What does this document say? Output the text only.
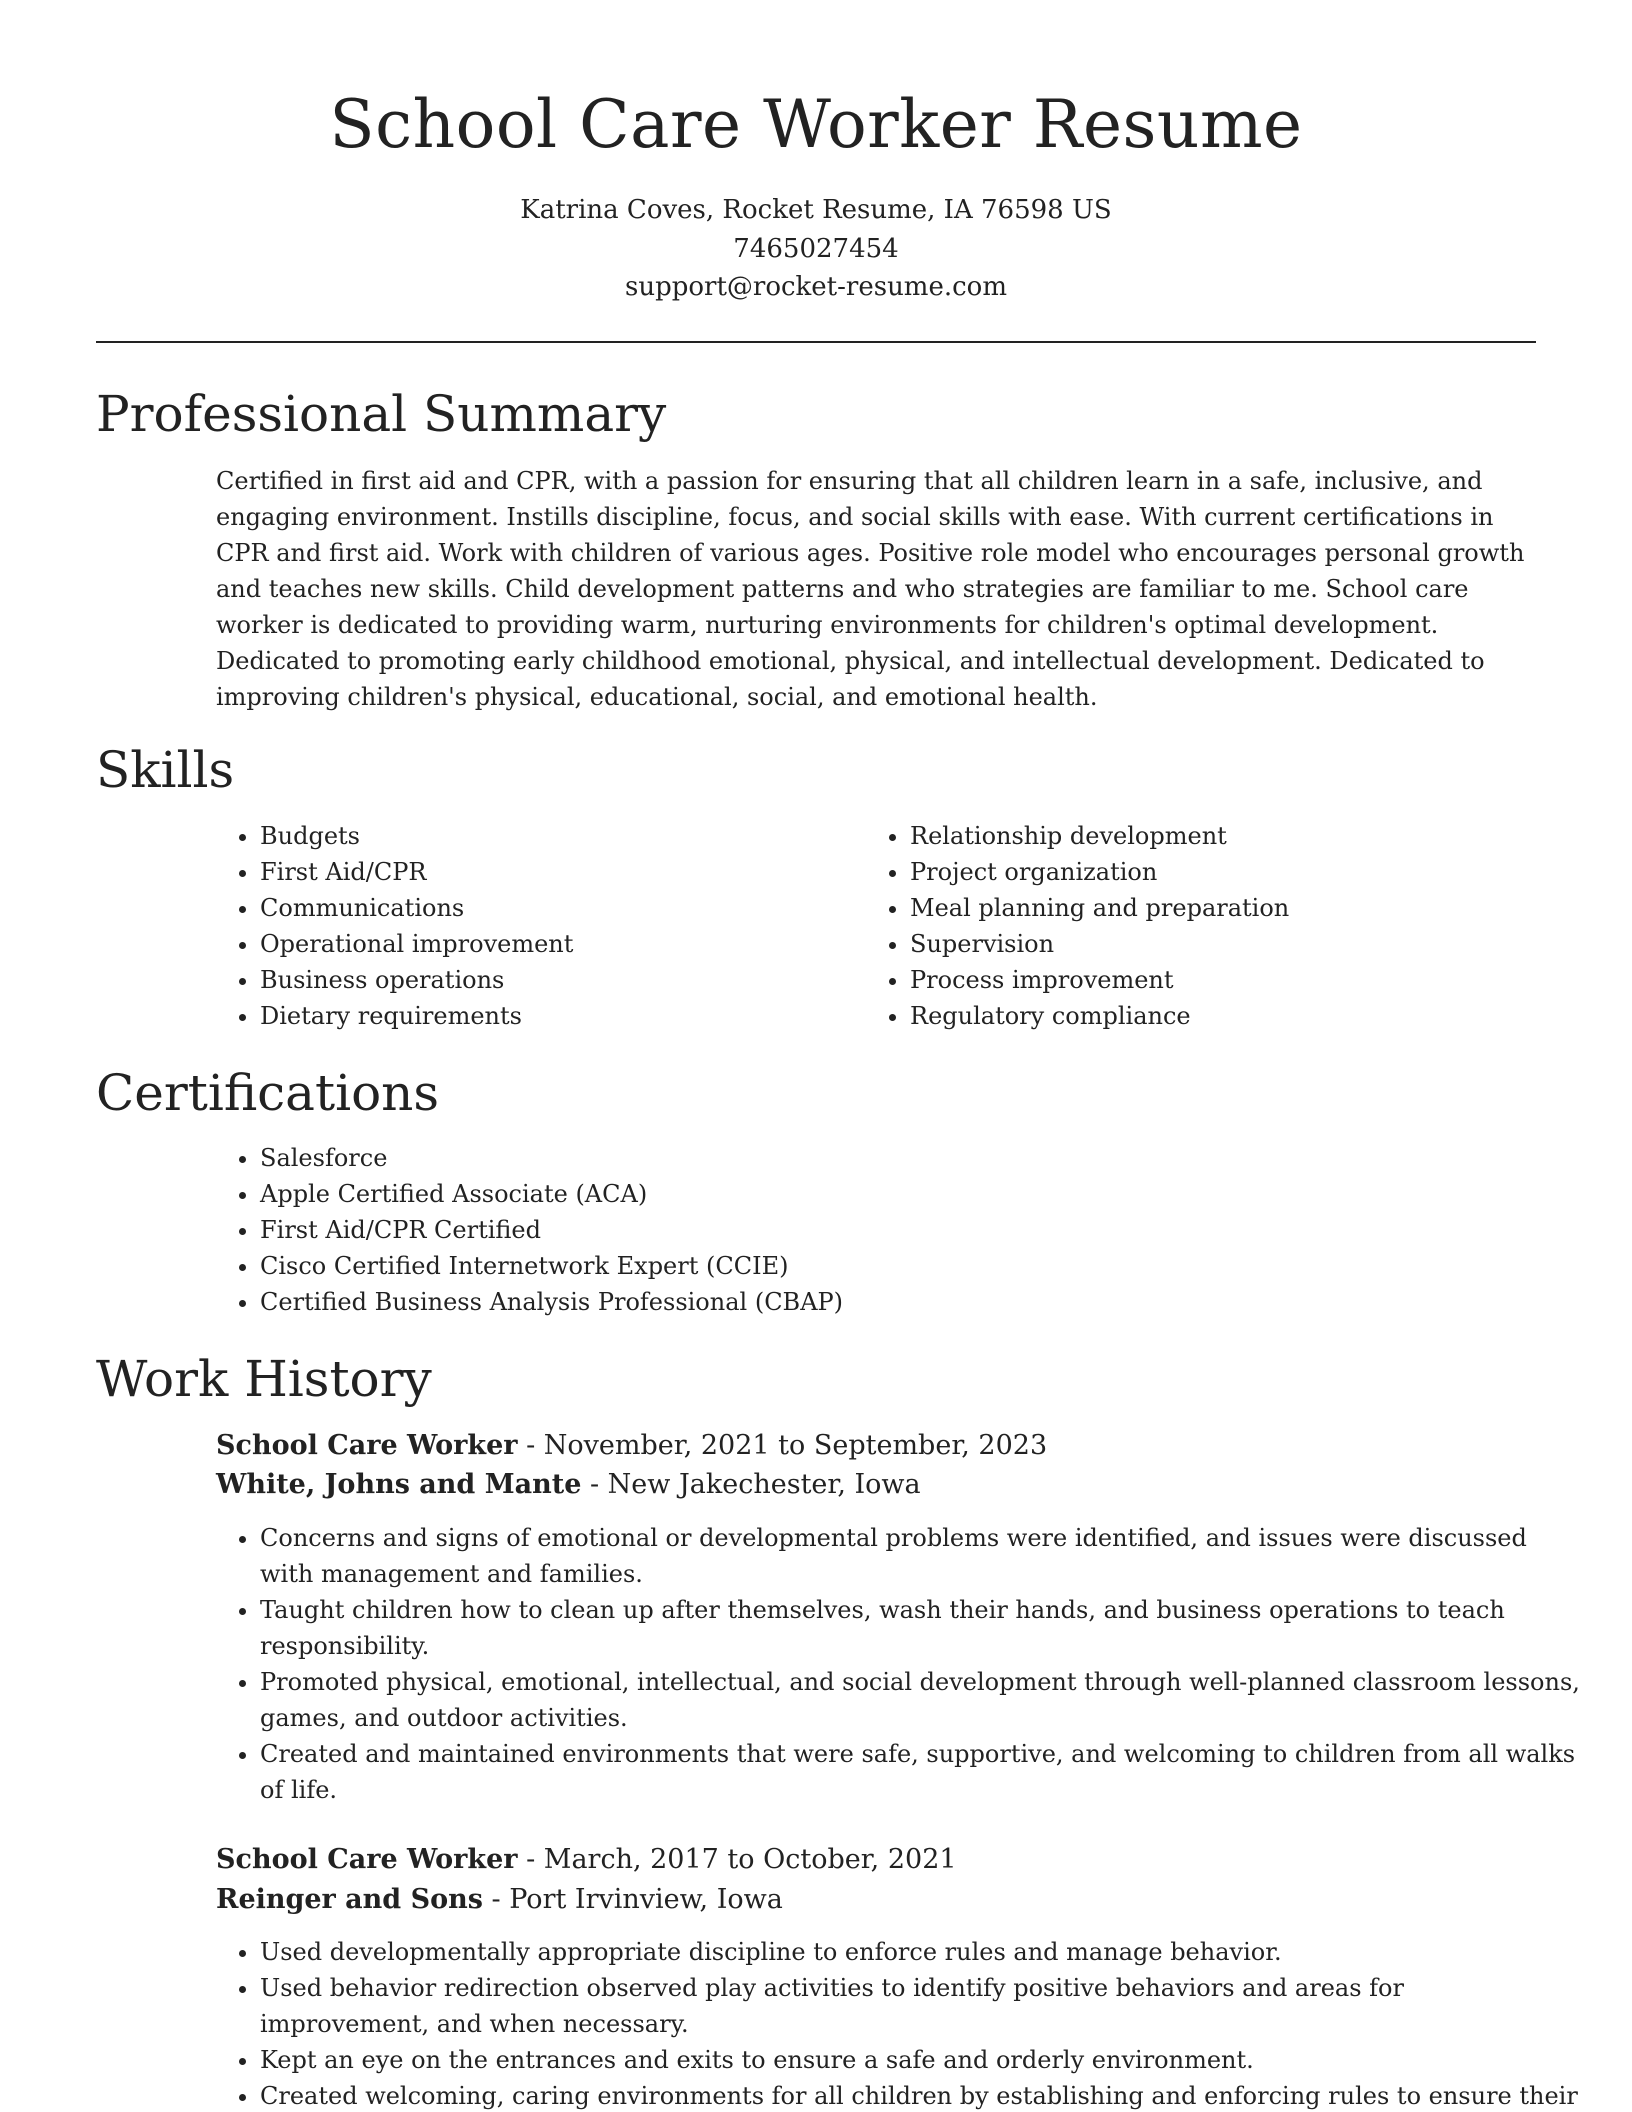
School Care Worker Resume
Katrina Coves, Rocket Resume, IA 76598 US
7465027454
support@rocket-resume.com
Professional Summary

Certified in first aid and CPR, with a passion for ensuring that all children learn in a safe, inclusive, and engaging environment. Instills discipline, focus, and social skills with ease. With current certifications in CPR and first aid. Work with children of various ages. Positive role model who encourages personal growth and teaches new skills. Child development patterns and who strategies are familiar to me. School care worker is dedicated to providing warm, nurturing environments for children's optimal development. Dedicated to promoting early childhood emotional, physical, and intellectual development. Dedicated to improving children's physical, educational, social, and emotional health.

Skills
• Budgets
• First Aid/CPR
• Communications
• Operational improvement
• Business operations
• Dietary requirements
• Relationship development
• Project organization
• Meal planning and preparation
• Supervision
• Process improvement
• Regulatory compliance
Certifications
• Salesforce
• Apple Certified Associate (ACA)
• First Aid/CPR Certified
• Cisco Certified Internetwork Expert (CCIE)
• Certified Business Analysis Professional (CBAP)
Work History
School Care Worker - November, 2021 to September, 2023
White, Johns and Mante - New Jakechester, Iowa
• Concerns and signs of emotional or developmental problems were identified, and issues were discussed with management and families.
• Taught children how to clean up after themselves, wash their hands, and business operations to teach responsibility.
• Promoted physical, emotional, intellectual, and social development through well-planned classroom lessons, games, and outdoor activities.
• Created and maintained environments that were safe, supportive, and welcoming to children from all walks of life.
School Care Worker - March, 2017 to October, 2021
Reinger and Sons - Port Irvinview, Iowa
• Used developmentally appropriate discipline to enforce rules and manage behavior.
• Used behavior redirection observed play activities to identify positive behaviors and areas for improvement, and when necessary.
• Kept an eye on the entrances and exits to ensure a safe and orderly environment.
• Created welcoming, caring environments for all children by establishing and enforcing rules to ensure their
